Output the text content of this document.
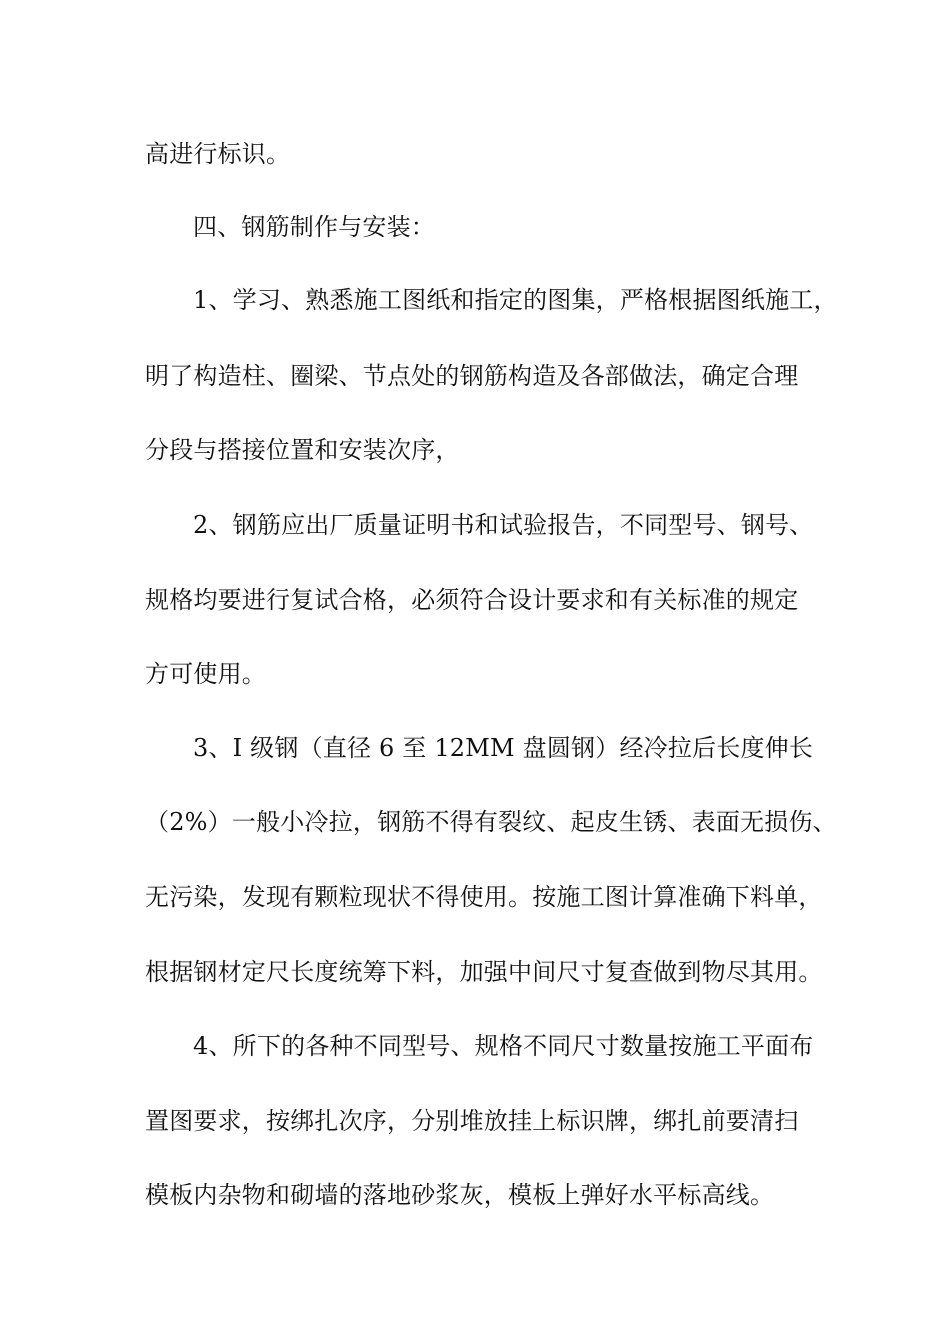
高进行标识。
四、钢筋制作与安装：
1、学习、熟悉施工图纸和指定的图集，严格根据图纸施工，
明了构造柱、圈梁、节点处的钢筋构造及各部做法，确定合理
分段与搭接位置和安装次序，
2、钢筋应出厂质量证明书和试验报告，不同型号、钢号、
规格均要进行复试合格，必须符合设计要求和有关标准的规定
方可使用。
3、I 级钢（直径 6 至 12MM 盘圆钢）经冷拉后长度伸长
（2%）一般小冷拉，钢筋不得有裂纹、起皮生锈、表面无损伤、
无污染，发现有颗粒现状不得使用。按施工图计算准确下料单，
根据钢材定尺长度统筹下料，加强中间尺寸复查做到物尽其用。
4、所下的各种不同型号、规格不同尺寸数量按施工平面布
置图要求，按绑扎次序，分别堆放挂上标识牌，绑扎前要清扫
模板内杂物和砌墙的落地砂浆灰，模板上弹好水平标高线。
